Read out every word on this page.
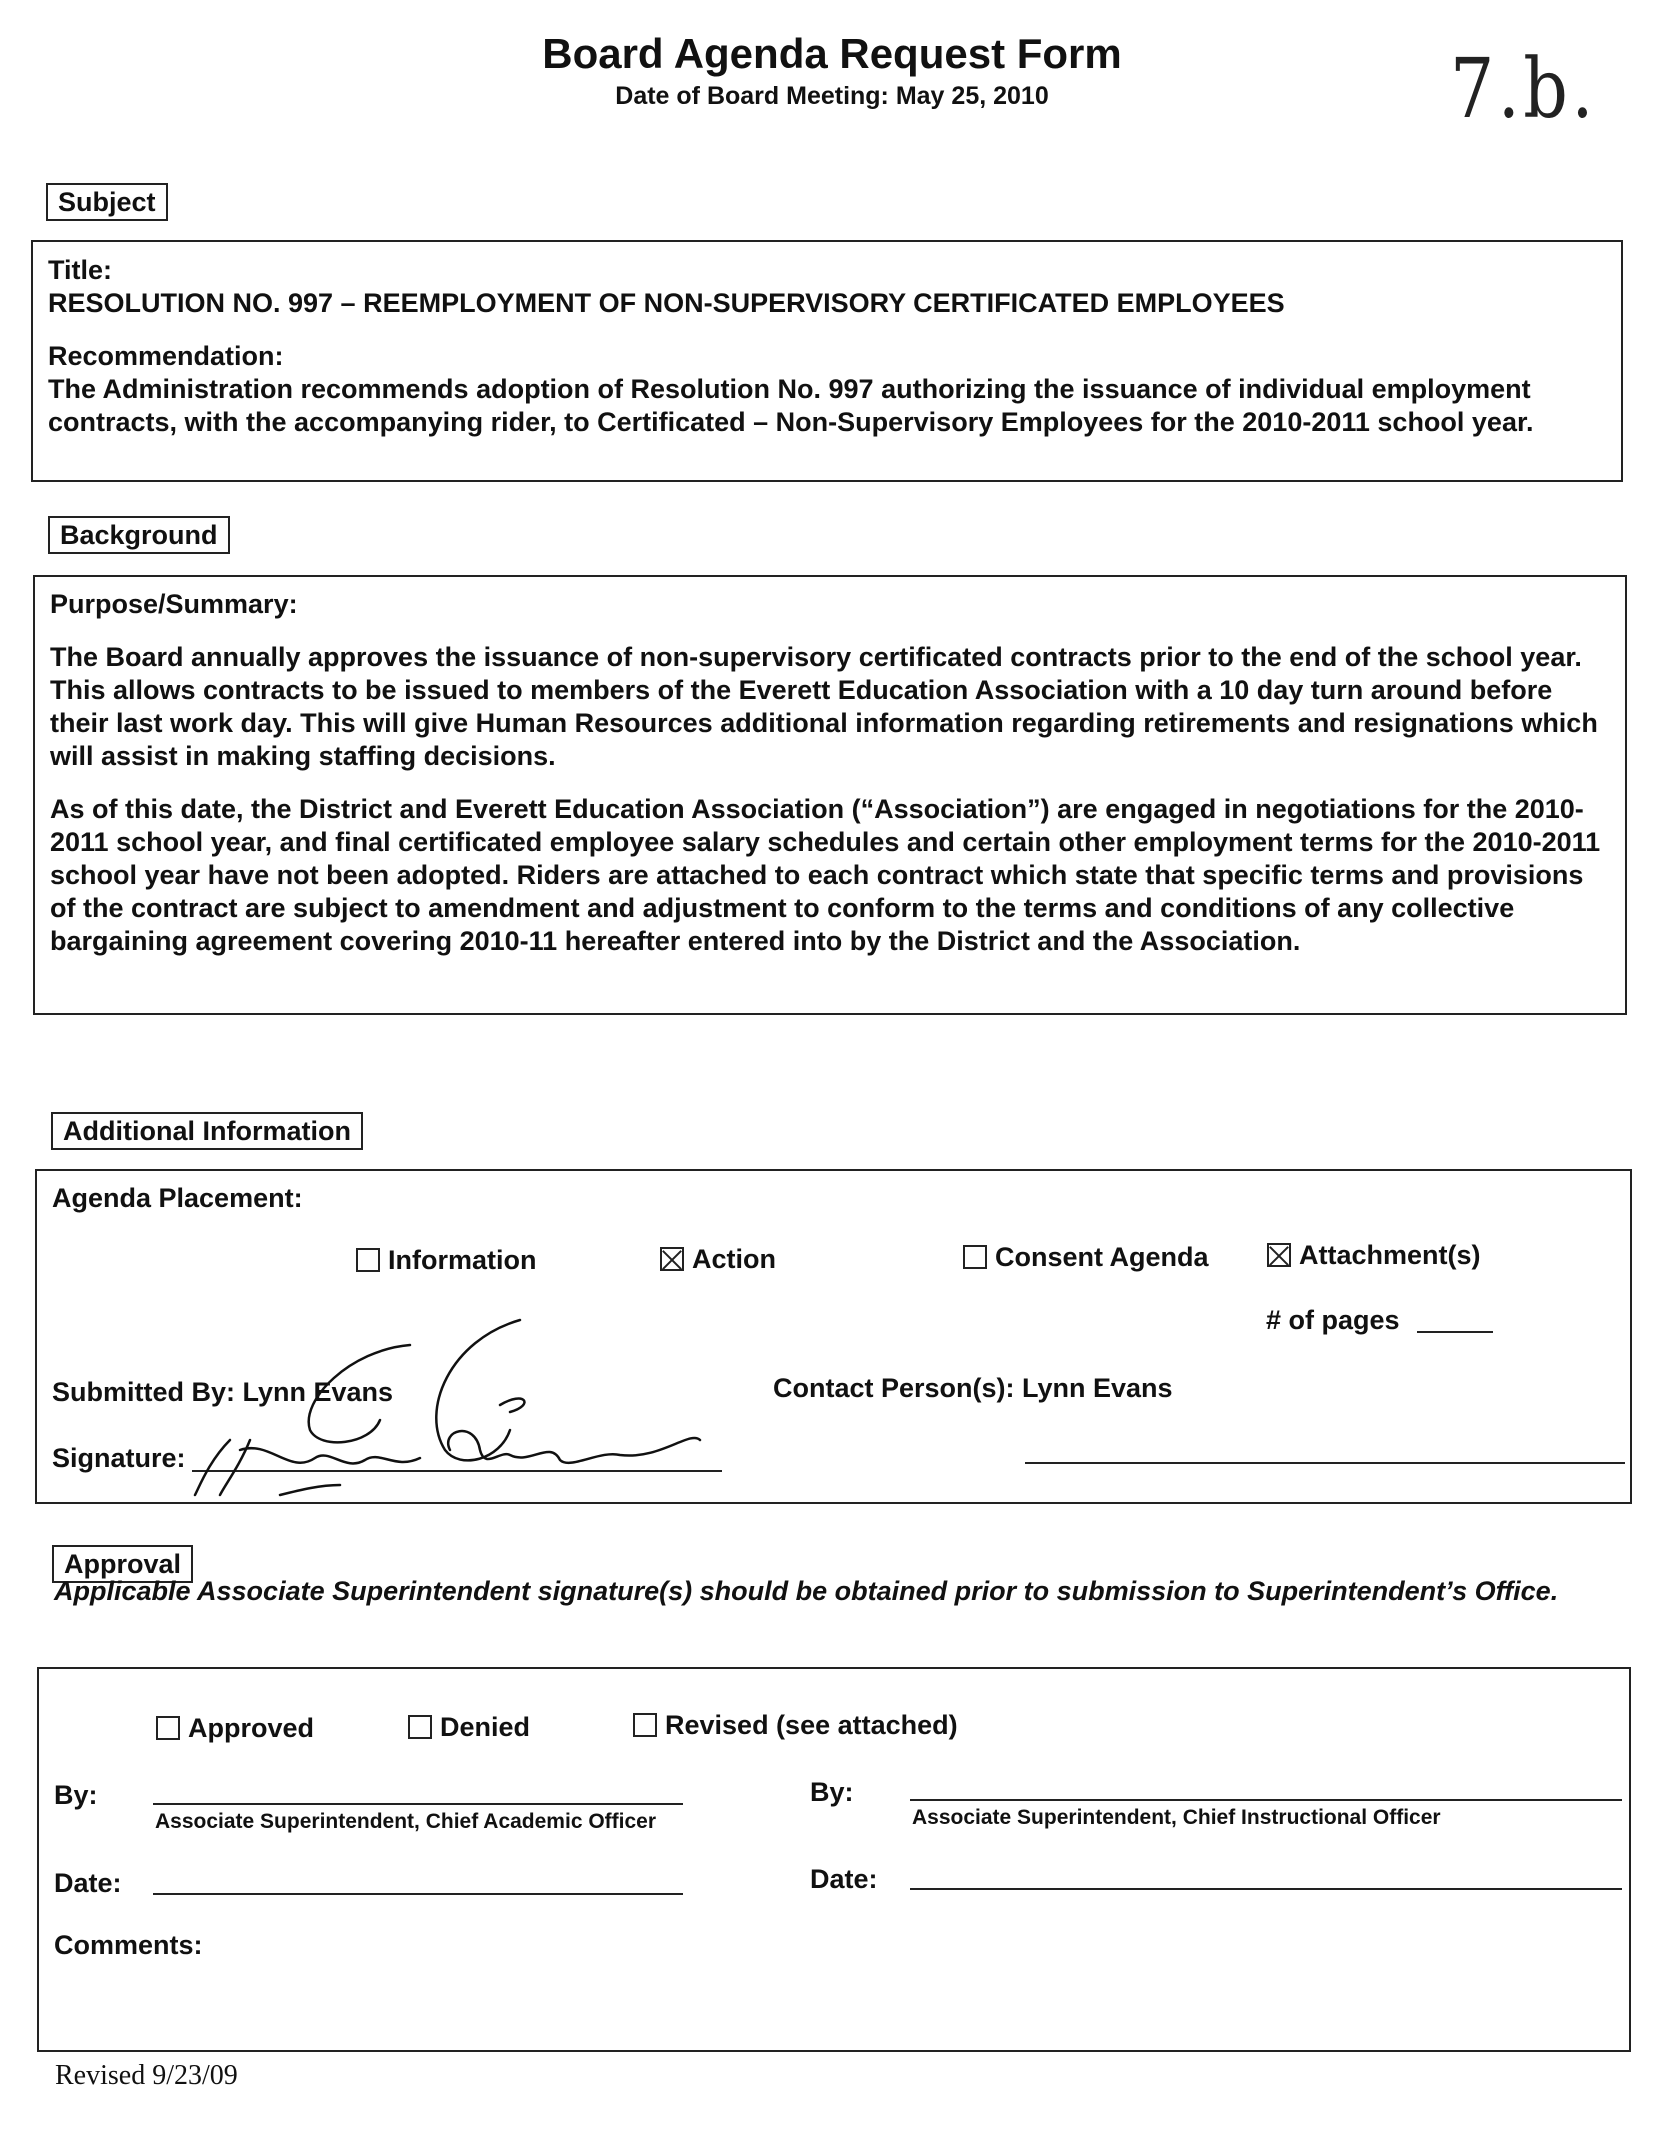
Board Agenda Request Form
Date of Board Meeting: May 25, 2010	7.b.
Subject

Title:

RESOLUTION NO. 997 – REEMPLOYMENT OF NON-SUPERVISORY CERTIFICATED EMPLOYEES

Recommendation:

The Administration recommends adoption of Resolution No. 997 authorizing the issuance of individual employment contracts, with the accompanying rider, to Certificated – Non-Supervisory Employees for the 2010-2011 school year.

Background

Purpose/Summary:

The Board annually approves the issuance of non-supervisory certificated contracts prior to the end of the school year. This allows contracts to be issued to members of the Everett Education Association with a 10 day turn around before their last work day. This will give Human Resources additional information regarding retirements and resignations which will assist in making staffing decisions.

As of this date, the District and Everett Education Association (“Association”) are engaged in negotiations for the 2010-2011 school year, and final certificated employee salary schedules and certain other employment terms for the 2010-2011 school year have not been adopted. Riders are attached to each contract which state that specific terms and provisions of the contract are subject to amendment and adjustment to conform to the terms and conditions of any collective bargaining agreement covering 2010-11 hereafter entered into by the District and the Association.

Additional Information
Agenda Placement:
Information	Action	Consent Agenda	Attachment(s)
# of pages
Submitted By: Lynn Evans	Contact Person(s): Lynn Evans
Signature:
Approval
Applicable Associate Superintendent signature(s) should be obtained prior to submission to Superintendent’s Office.
Approved	Denied	Revised (see attached)
By:
Associate Superintendent, Chief Academic Officer
By:
Associate Superintendent, Chief Instructional Officer
Date:	Date:
Comments:
Revised 9/23/09
